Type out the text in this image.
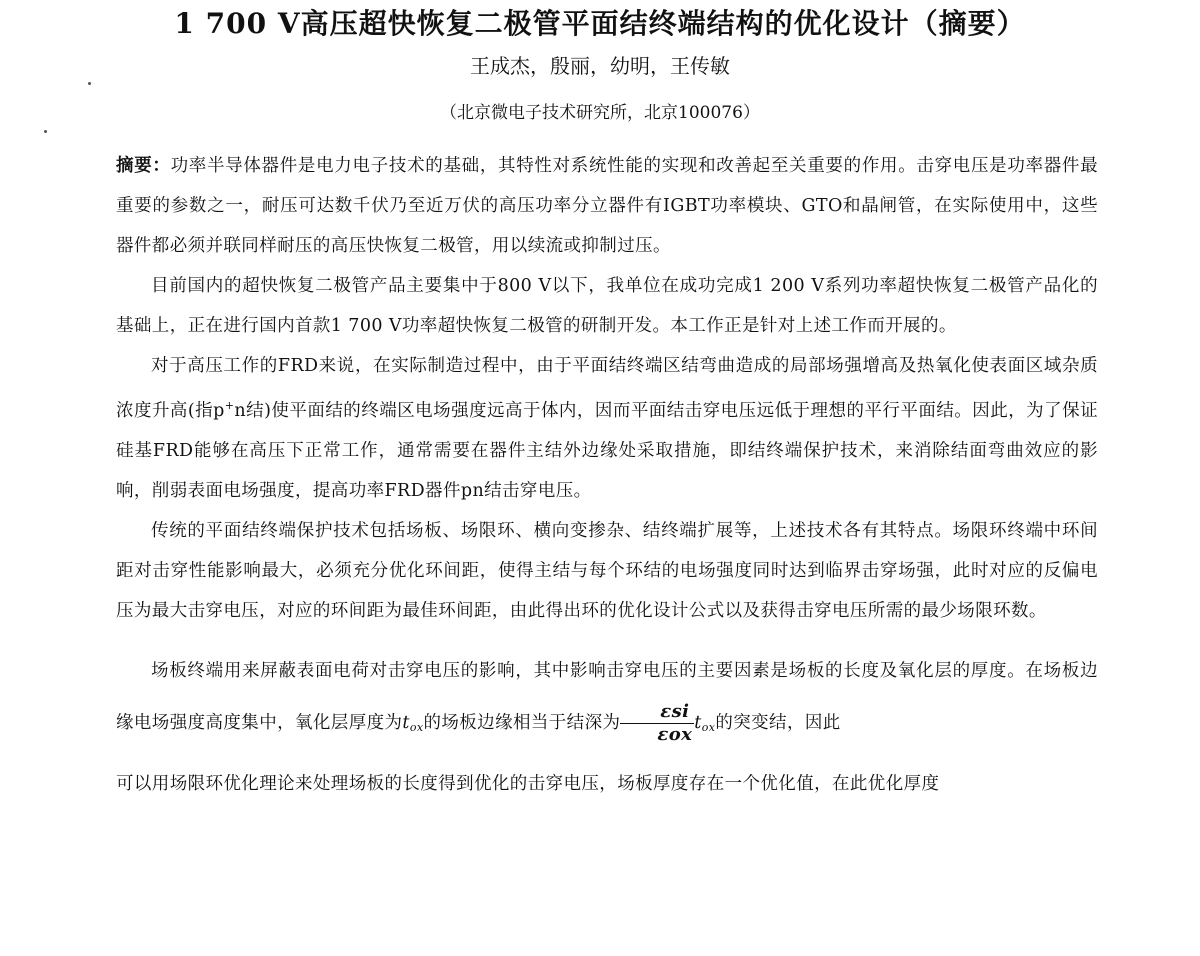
1 700 V高压超快恢复二极管平面结终端结构的优化设计（摘要）
王成杰，殷丽，幼明，王传敏
（北京微电子技术研究所，北京100076）

摘要：功率半导体器件是电力电子技术的基础，其特性对系统性能的实现和改善起至关重要的作用。击穿电压是功率器件最重要的参数之一，耐压可达数千伏乃至近万伏的高压功率分立器件有IGBT功率模块、GTO和晶闸管，在实际使用中，这些器件都必须并联同样耐压的高压快恢复二极管，用以续流或抑制过压。

目前国内的超快恢复二极管产品主要集中于800 V以下，我单位在成功完成1 200 V系列功率超快恢复二极管产品化的基础上，正在进行国内首款1 700 V功率超快恢复二极管的研制开发。本工作正是针对上述工作而开展的。

对于高压工作的FRD来说，在实际制造过程中，由于平面结终端区结弯曲造成的局部场强增高及热氧化使表面区域杂质浓度升高(指p+n结)使平面结的终端区电场强度远高于体内，因而平面结击穿电压远低于理想的平行平面结。因此，为了保证硅基FRD能够在高压下正常工作，通常需要在器件主结外边缘处采取措施，即结终端保护技术，来消除结面弯曲效应的影响，削弱表面电场强度，提高功率FRD器件pn结击穿电压。

传统的平面结终端保护技术包括场板、场限环、横向变掺杂、结终端扩展等，上述技术各有其特点。场限环终端中环间距对击穿性能影响最大，必须充分优化环间距，使得主结与每个环结的电场强度同时达到临界击穿场强，此时对应的反偏电压为最大击穿电压，对应的环间距为最佳环间距，由此得出环的优化设计公式以及获得击穿电压所需的最少场限环数。

场板终端用来屏蔽表面电荷对击穿电压的影响，其中影响击穿电压的主要因素是场板的长度及氧化层的厚度。在场板边缘电场强度高度集中，氧化层厚度为$t_{ox}$的场板边缘相当于结深为 $\frac{\text{εsi}}{\text{εox}} t_{ox}$的突变结，因此

可以用场限环优化理论来处理场板的长度得到优化的击穿电压，场板厚度存在一个优化值，在此优化厚度
